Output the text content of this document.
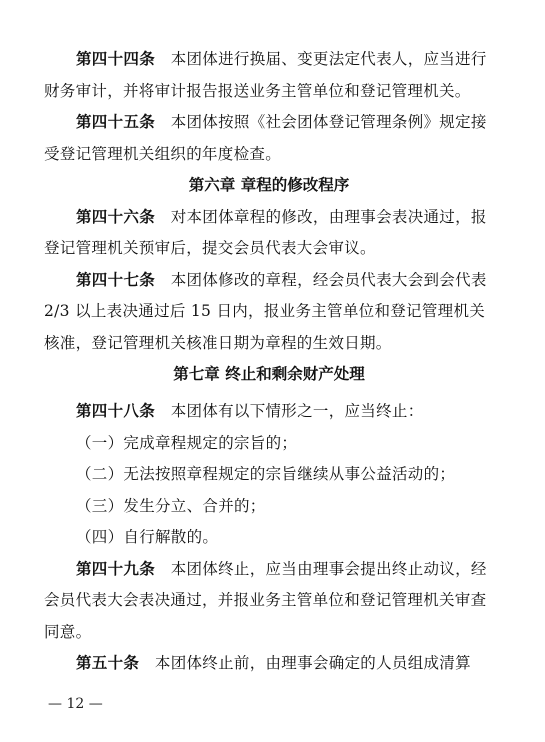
第四十四条 本团体进行换届、变更法定代表人，应当进行
财务审计，并将审计报告报送业务主管单位和登记管理机关。
第四十五条 本团体按照《社会团体登记管理条例》规定接
受登记管理机关组织的年度检查。
第六章 章程的修改程序
第四十六条 对本团体章程的修改，由理事会表决通过，报
登记管理机关预审后，提交会员代表大会审议。
第四十七条 本团体修改的章程，经会员代表大会到会代表
2/3 以上表决通过后 15 日内，报业务主管单位和登记管理机关
核准，登记管理机关核准日期为章程的生效日期。
第七章 终止和剩余财产处理
第四十八条 本团体有以下情形之一，应当终止：
（一）完成章程规定的宗旨的；
（二）无法按照章程规定的宗旨继续从事公益活动的；
（三）发生分立、合并的；
（四）自行解散的。
第四十九条 本团体终止，应当由理事会提出终止动议，经
会员代表大会表决通过，并报业务主管单位和登记管理机关审查
同意。
第五十条 本团体终止前，由理事会确定的人员组成清算
— 12 —
